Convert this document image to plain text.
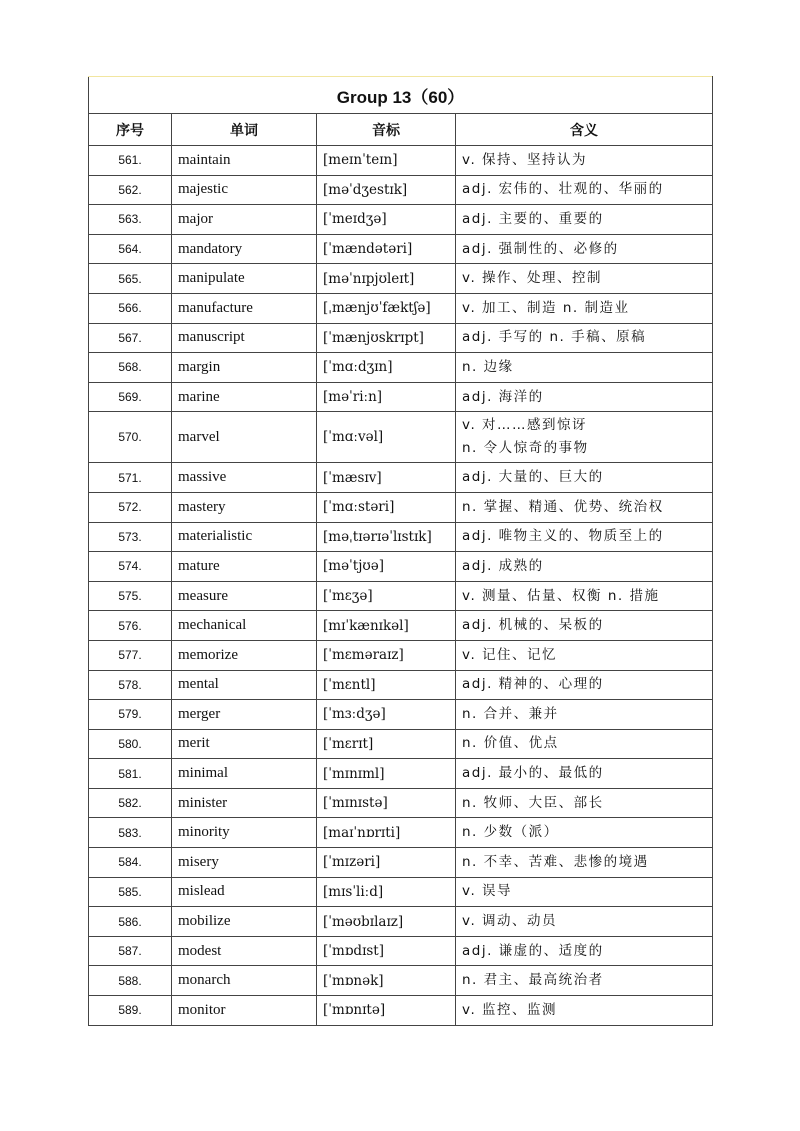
Group 13（60）			
序号	单词	音标	含义
561.	maintain	[meɪnˈteɪn]	v. 保持、坚持认为

562.	majestic	[məˈdʒestɪk]	adj. 宏伟的、壮观的、华丽的

563.	major	[ˈmeɪdʒə]	adj. 主要的、重要的

564.	mandatory	[ˈmændətəri]	adj. 强制性的、必修的

565.	manipulate	[məˈnɪpjʊleɪt]	v. 操作、处理、控制

566.	manufacture	[ˌmænjʊˈfæktʃə]	v. 加工、制造 n. 制造业

567.	manuscript	[ˈmænjʊskrɪpt]	adj. 手写的 n. 手稿、原稿

568.	margin	[ˈmɑːdʒɪn]	n. 边缘

569.	marine	[məˈriːn]	adj. 海洋的

570.	marvel	[ˈmɑːvəl]	v. 对……感到惊讶
n. 令人惊奇的事物

571.	massive	[ˈmæsɪv]	adj. 大量的、巨大的

572.	mastery	[ˈmɑːstəri]	n. 掌握、精通、优势、统治权

573.	materialistic	[məˌtɪərɪəˈlɪstɪk]	adj. 唯物主义的、物质至上的

574.	mature	[məˈtjʊə]	adj. 成熟的

575.	measure	[ˈmɛʒə]	v. 测量、估量、权衡 n. 措施

576.	mechanical	[mɪˈkænɪkəl]	adj. 机械的、呆板的

577.	memorize	[ˈmɛməraɪz]	v. 记住、记忆

578.	mental	[ˈmɛntl]	adj. 精神的、心理的

579.	merger	[ˈmɜːdʒə]	n. 合并、兼并

580.	merit	[ˈmɛrɪt]	n. 价值、优点

581.	minimal	[ˈmɪnɪml]	adj. 最小的、最低的

582.	minister	[ˈmɪnɪstə]	n. 牧师、大臣、部长

583.	minority	[maɪˈnɒrɪti]	n. 少数（派）

584.	misery	[ˈmɪzəri]	n. 不幸、苦难、悲惨的境遇

585.	mislead	[mɪsˈliːd]	v. 误导

586.	mobilize	[ˈməʊbɪlaɪz]	v. 调动、动员

587.	modest	[ˈmɒdɪst]	adj. 谦虚的、适度的

588.	monarch	[ˈmɒnək]	n. 君主、最高统治者

589.	monitor	[ˈmɒnɪtə]	v. 监控、监测
